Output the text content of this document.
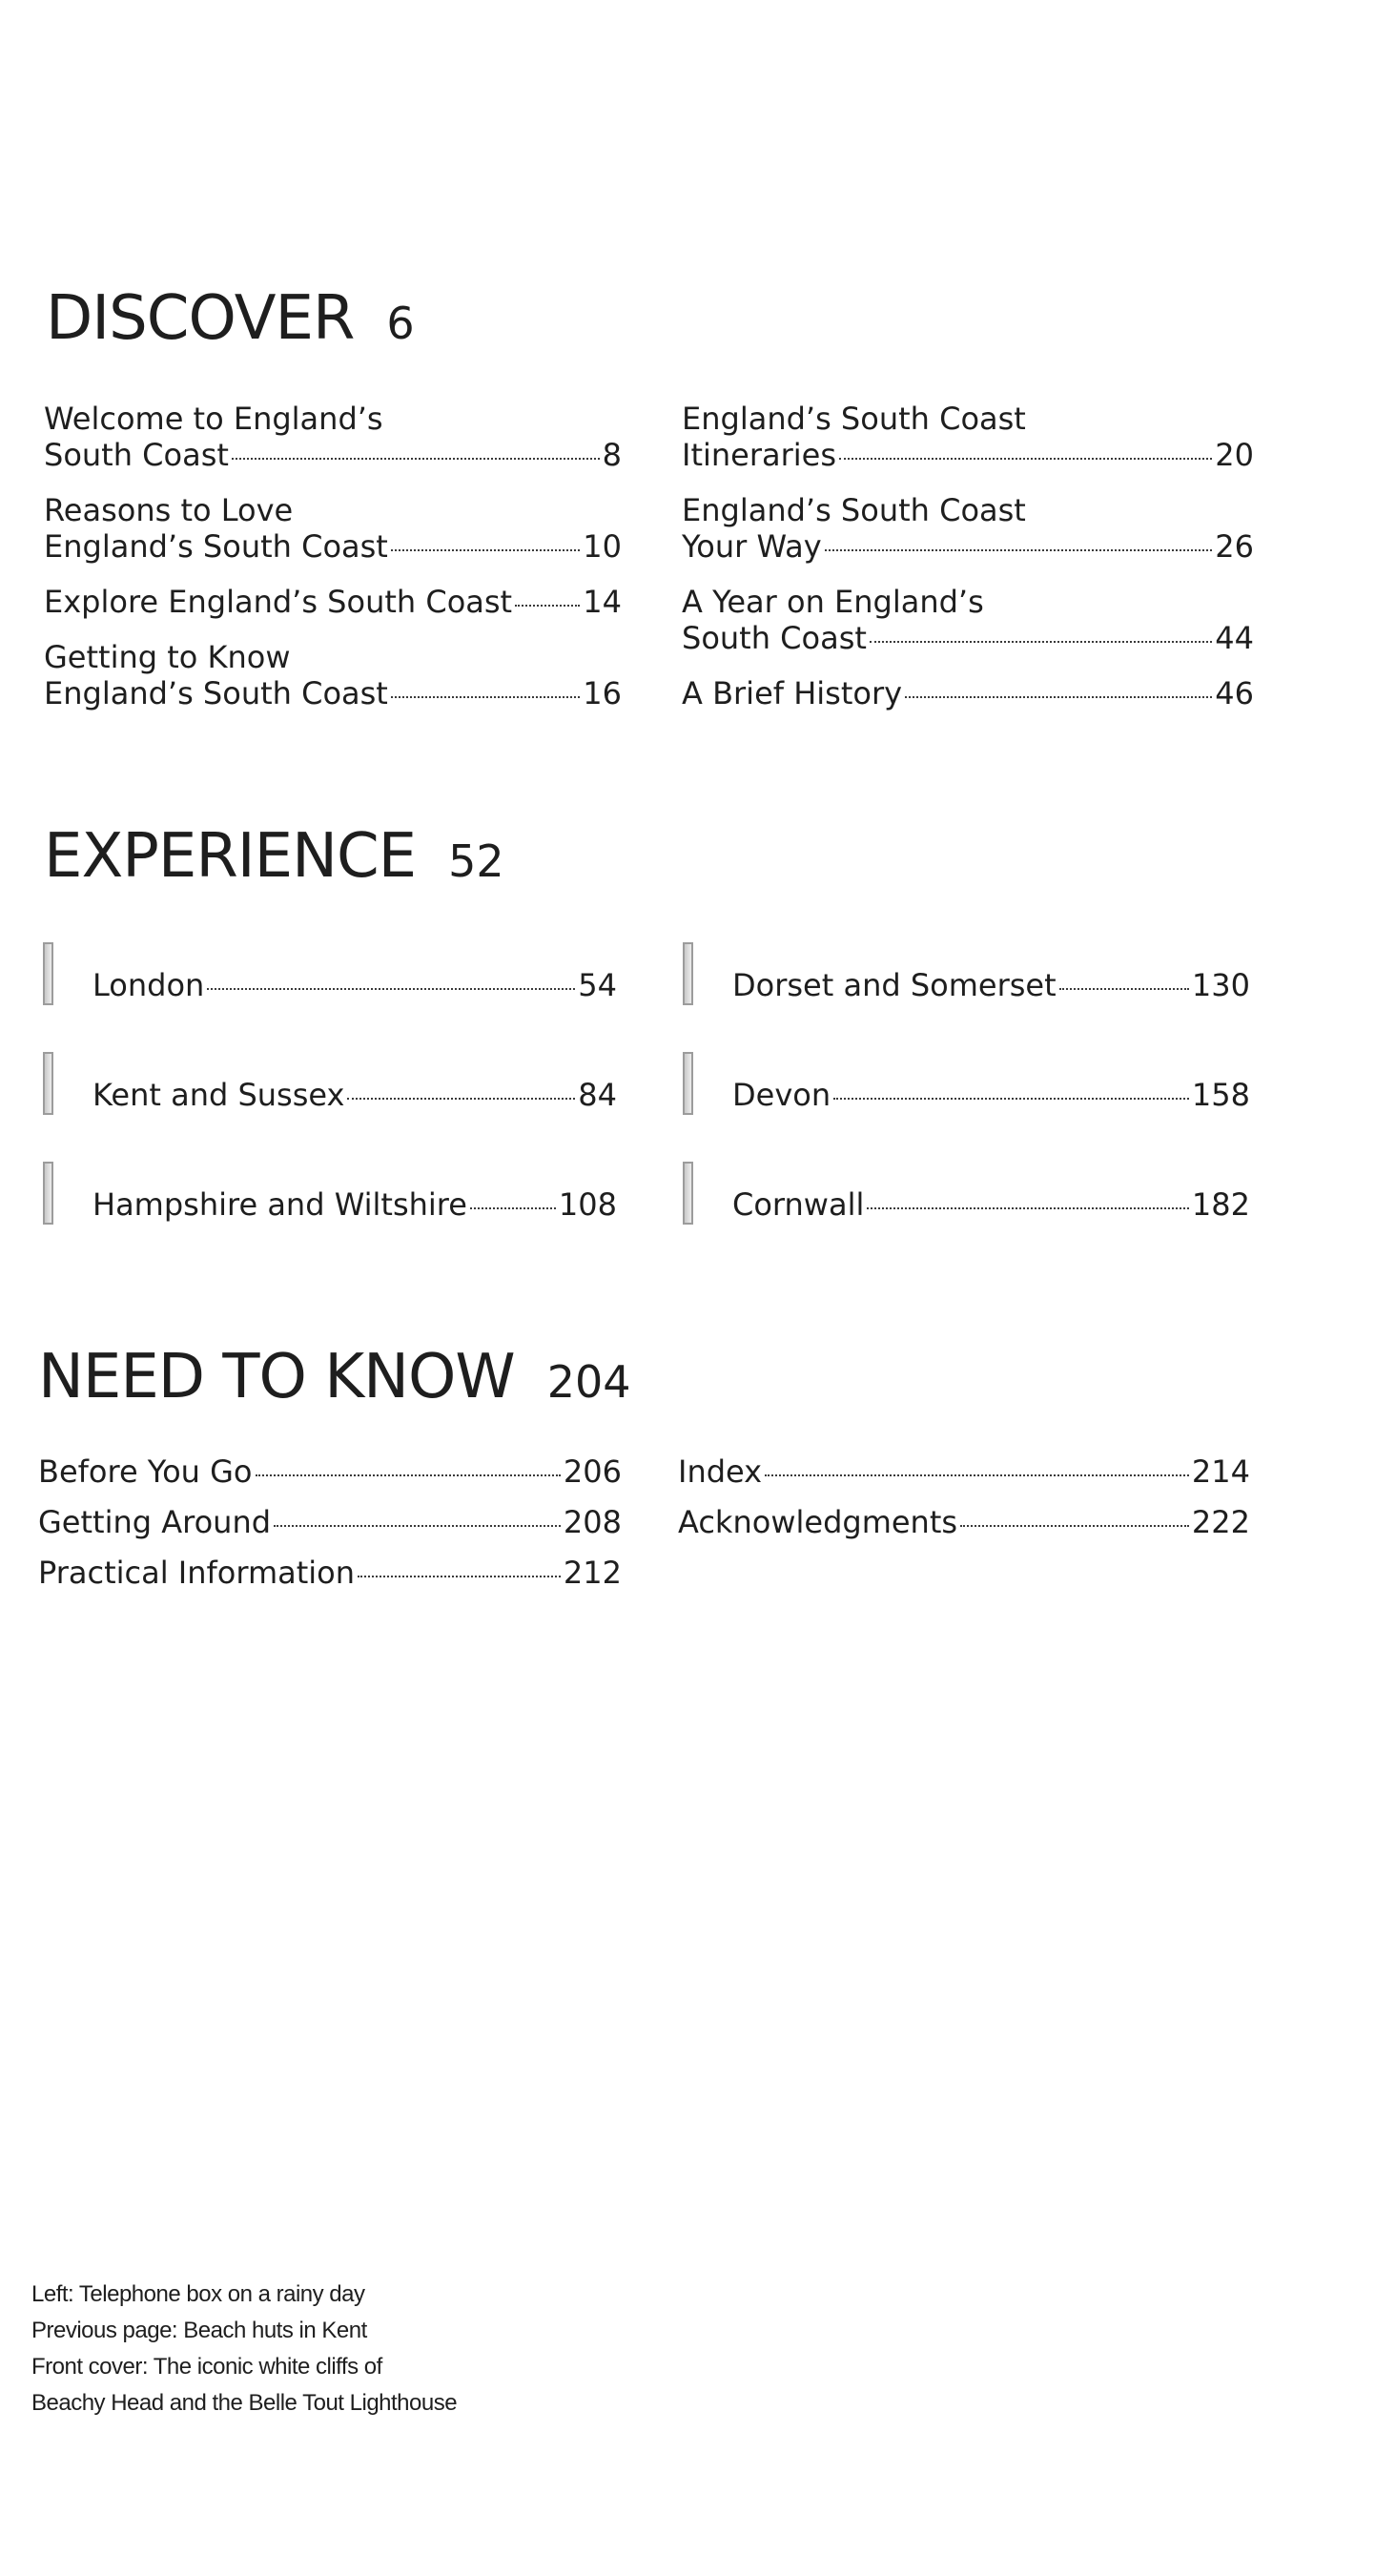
DISCOVER 6
Welcome to England’s
South Coast	8
Reasons to Love
England’s South Coast	10
Explore England’s South Coast 14
Getting to Know
England’s South Coast	16
England’s South Coast
Itineraries	20
England’s South Coast
Your Way	26
A Year on England’s
South Coast	44
A Brief History	46
EXPERIENCE 52
London	54
Kent and Sussex	84
Hampshire and Wiltshire	108
Dorset and Somerset	130
Devon	158
Cornwall	182
NEED TO KNOW 204
Before You Go	206
Getting Around	208
Practical Information	212
Index	214
Acknowledgments	222
Left: Telephone box on a rainy day
Previous page: Beach huts in Kent
Front cover: The iconic white cliffs of
Beachy Head and the Belle Tout Lighthouse
